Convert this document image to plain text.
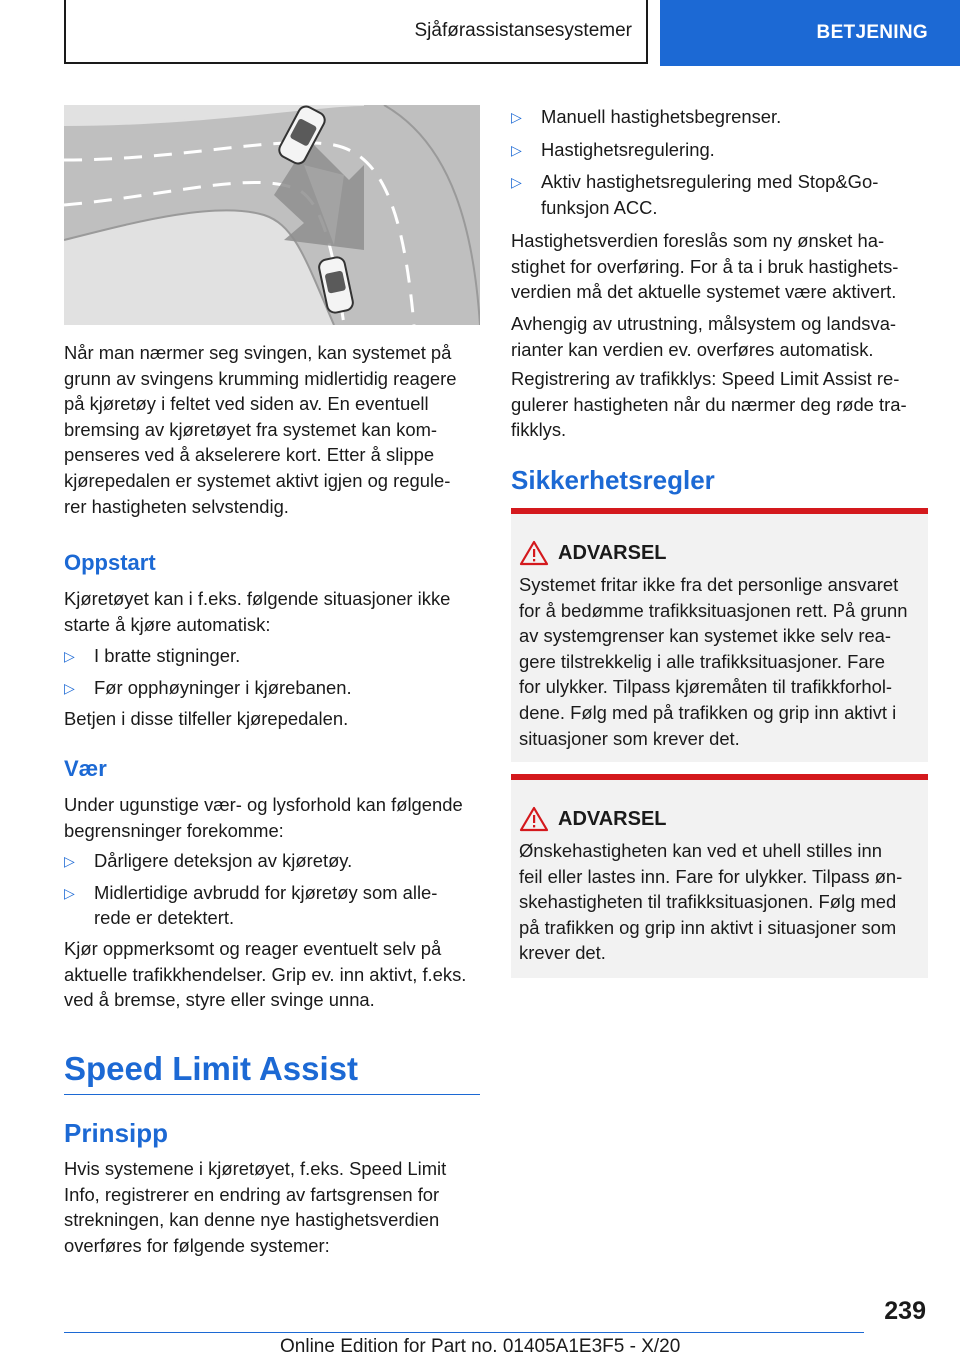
Sjåførassistansesystemer	BETJENING
Når man nærmer seg svingen, kan systemet på
grunn av svingens krumming midlertidig reagere
på kjøretøy i feltet ved siden av. En eventuell
bremsing av kjøretøyet fra systemet kan kom-
penseres ved å akselerere kort. Etter å slippe
kjørepedalen er systemet aktivt igjen og regule-
rer hastigheten selvstendig.
Oppstart
Kjøretøyet kan i f.eks. følgende situasjoner ikke
starte å kjøre automatisk:
▷ I bratte stigninger.
▷ Før opphøyninger i kjørebanen.

Betjen i disse tilfeller kjørepedalen.

Vær
Under ugunstige vær- og lysforhold kan følgende
begrensninger forekomme:
▷ Dårligere deteksjon av kjøretøy.
▷ Midlertidige avbrudd for kjøretøy som alle-
rede er detektert.
Kjør oppmerksomt og reager eventuelt selv på
aktuelle trafikkhendelser. Grip ev. inn aktivt, f.eks.
ved å bremse, styre eller svinge unna.
Speed Limit Assist
Prinsipp
Hvis systemene i kjøretøyet, f.eks. Speed Limit
Info, registrerer en endring av fartsgrensen for
strekningen, kan denne nye hastighetsverdien
overføres for følgende systemer:
▷ Manuell hastighetsbegrenser.
▷ Hastighetsregulering.
▷ Aktiv hastighetsregulering med Stop&Go-
funksjon ACC.
Hastighetsverdien foreslås som ny ønsket ha-
stighet for overføring. For å ta i bruk hastighets-
verdien må det aktuelle systemet være aktivert.
Avhengig av utrustning, målsystem og landsva-
rianter kan verdien ev. overføres automatisk.
Registrering av trafikklys: Speed Limit Assist re-
gulerer hastigheten når du nærmer deg røde tra-
fikklys.
Sikkerhetsregler
ADVARSEL
Systemet fritar ikke fra det personlige ansvaret
for å bedømme trafikksituasjonen rett. På grunn
av systemgrenser kan systemet ikke selv rea-
gere tilstrekkelig i alle trafikksituasjoner. Fare
for ulykker. Tilpass kjøremåten til trafikkforhol-
dene. Følg med på trafikken og grip inn aktivt i
situasjoner som krever det.
ADVARSEL
Ønskehastigheten kan ved et uhell stilles inn
feil eller lastes inn. Fare for ulykker. Tilpass øn-
skehastigheten til trafikksituasjonen. Følg med
på trafikken og grip inn aktivt i situasjoner som
krever det.
239
Online Edition for Part no. 01405A1E3F5 - X/20
